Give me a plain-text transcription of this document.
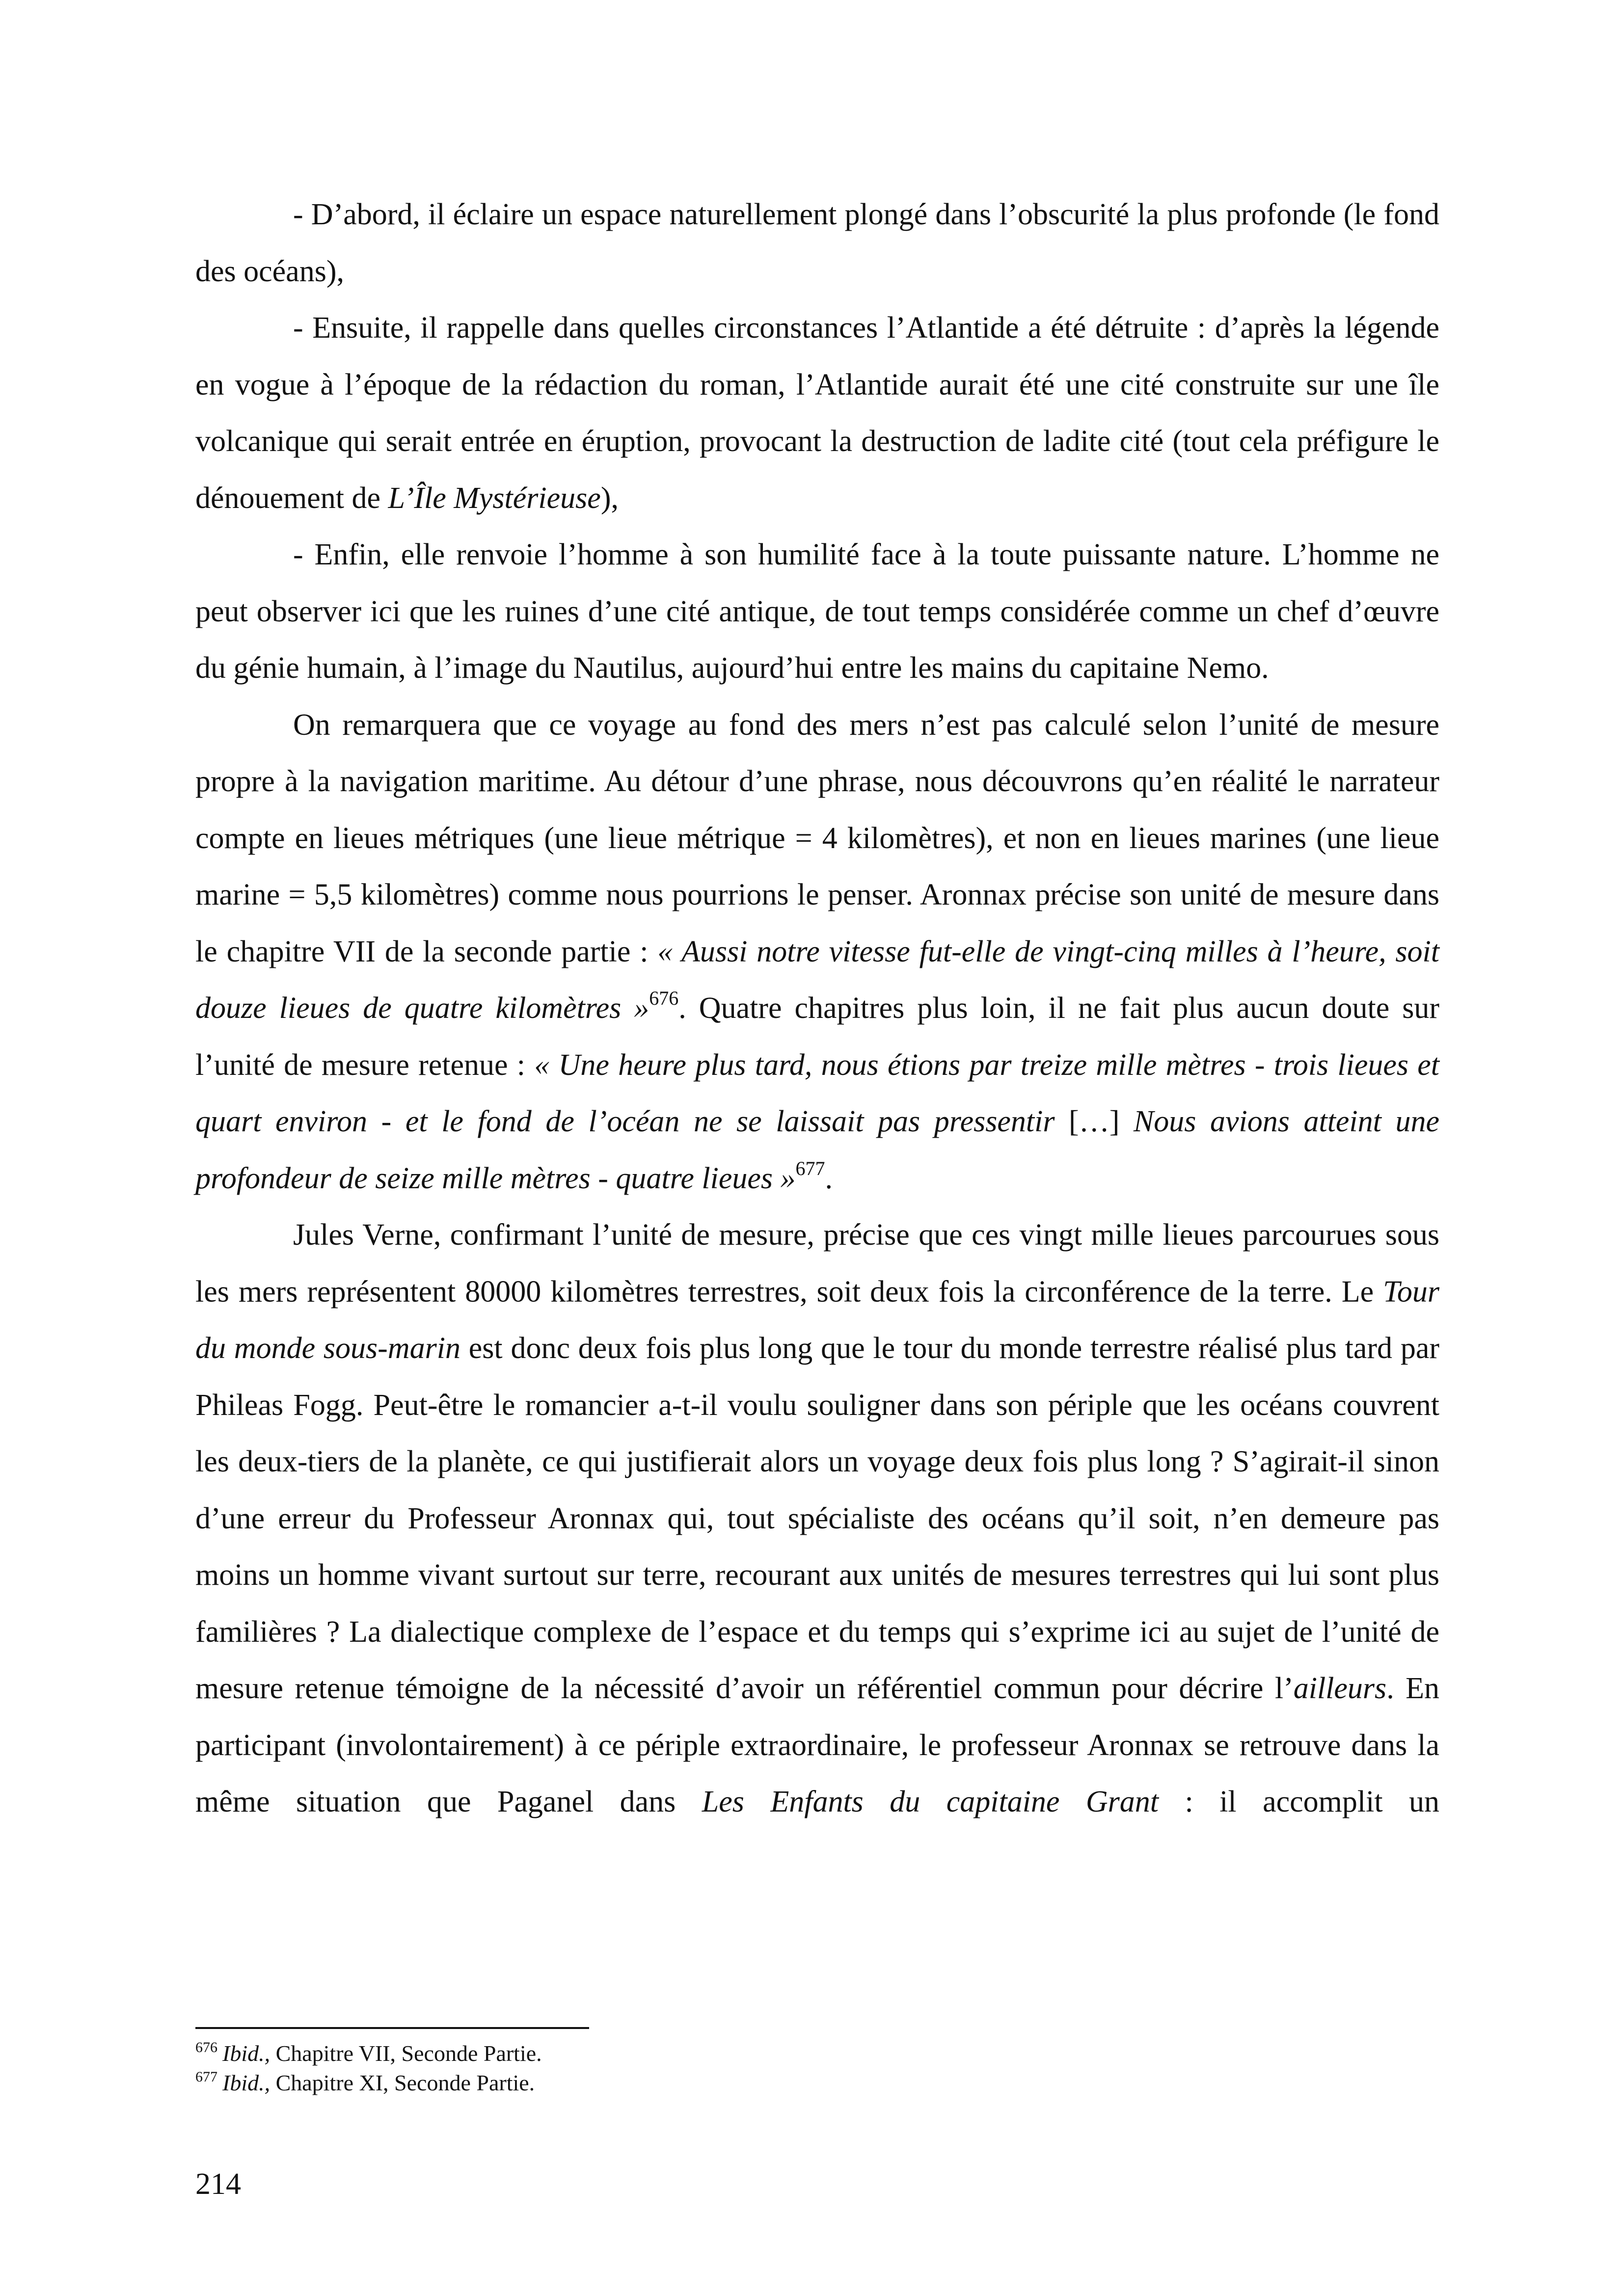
- D’abord, il éclaire un espace naturellement plongé dans l’obscurité la plus profonde (le fond des océans),

- Ensuite, il rappelle dans quelles circonstances l’Atlantide a été détruite : d’après la légende en vogue à l’époque de la rédaction du roman, l’Atlantide aurait été une cité construite sur une île volcanique qui serait entrée en éruption, provocant la destruction de ladite cité (tout cela préfigure le dénouement de L’Île Mystérieuse),

- Enfin, elle renvoie l’homme à son humilité face à la toute puissante nature. L’homme ne peut observer ici que les ruines d’une cité antique, de tout temps considérée comme un chef d’œuvre du génie humain, à l’image du Nautilus, aujourd’hui entre les mains du capitaine Nemo.

On remarquera que ce voyage au fond des mers n’est pas calculé selon l’unité de mesure propre à la navigation maritime. Au détour d’une phrase, nous découvrons qu’en réalité le narrateur compte en lieues métriques (une lieue métrique = 4 kilomètres), et non en lieues marines (une lieue marine = 5,5 kilomètres) comme nous pourrions le penser. Aronnax précise son unité de mesure dans le chapitre VII de la seconde partie : « Aussi notre vitesse fut-elle de vingt-cinq milles à l’heure, soit douze lieues de quatre kilomètres »$^{676}$. Quatre chapitres plus loin, il ne fait plus aucun doute sur l’unité de mesure retenue : « Une heure plus tard, nous étions par treize mille mètres - trois lieues et quart environ - et le fond de l’océan ne se laissait pas pressentir […] Nous avions atteint une profondeur de seize mille mètres - quatre lieues »$^{677}$.

Jules Verne, confirmant l’unité de mesure, précise que ces vingt mille lieues parcourues sous les mers représentent 80000 kilomètres terrestres, soit deux fois la circonférence de la terre. Le Tour du monde sous-marin est donc deux fois plus long que le tour du monde terrestre réalisé plus tard par Phileas Fogg. Peut-être le romancier a-t-il voulu souligner dans son périple que les océans couvrent les deux-tiers de la planète, ce qui justifierait alors un voyage deux fois plus long ? S’agirait-il sinon d’une erreur du Professeur Aronnax qui, tout spécialiste des océans qu’il soit, n’en demeure pas moins un homme vivant surtout sur terre, recourant aux unités de mesures terrestres qui lui sont plus familières ? La dialectique complexe de l’espace et du temps qui s’exprime ici au sujet de l’unité de mesure retenue témoigne de la nécessité d’avoir un référentiel commun pour décrire l’ailleurs. En participant (involontairement) à ce périple extraordinaire, le professeur Aronnax se retrouve dans la même situation que Paganel dans Les Enfants du capitaine Grant : il accomplit un

$^{676}$ Ibid., Chapitre VII, Seconde Partie.

$^{677}$ Ibid., Chapitre XI, Seconde Partie.

214
